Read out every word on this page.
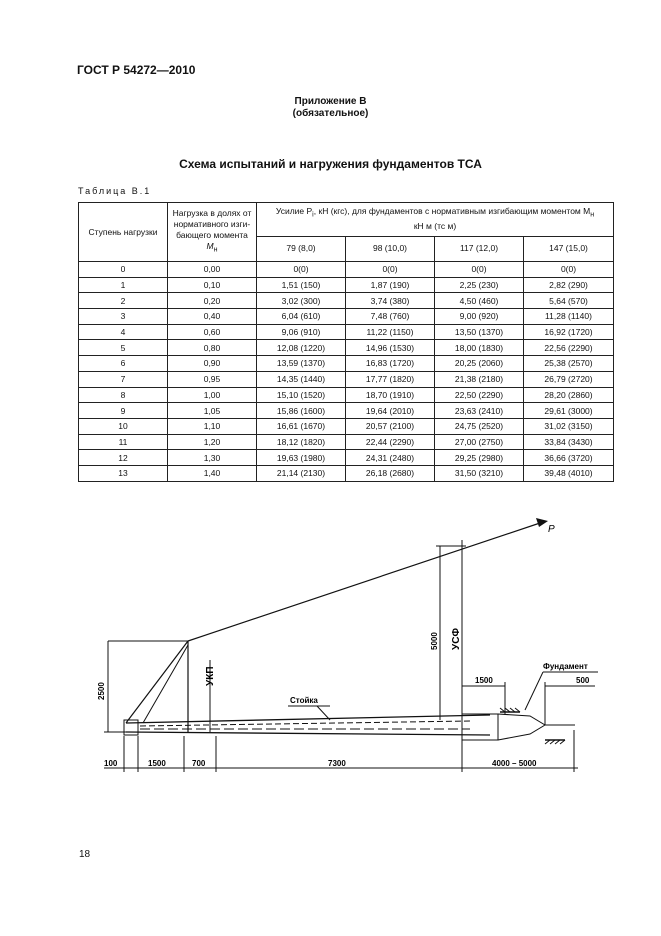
ГОСТ Р 54272—2010
Приложение В
(обязательное)
Схема испытаний и нагружения фундаментов ТСА
Таблица В.1
Ступень нагрузки	Нагрузка в долях от
нормативного изги-
бающего момента
$M_н$	Усилие $P_i$, кН (кгс), для фундаментов с нормативным изгибающим моментом $M_н$
кН м (тс м)			
		79 (8,0)	98 (10,0)	117 (12,0)	147 (15,0)
0	0,00	0(0)	0(0)	0(0)	0(0)
1	0,10	1,51 (150)	1,87 (190)	2,25 (230)	2,82 (290)
2	0,20	3,02 (300)	3,74 (380)	4,50 (460)	5,64 (570)
3	0,40	6,04 (610)	7,48 (760)	9,00 (920)	11,28 (1140)
4	0,60	9,06 (910)	11,22 (1150)	13,50 (1370)	16,92 (1720)
5	0,80	12,08 (1220)	14,96 (1530)	18,00 (1830)	22,56 (2290)
6	0,90	13,59 (1370)	16,83 (1720)	20,25 (2060)	25,38 (2570)
7	0,95	14,35 (1440)	17,77 (1820)	21,38 (2180)	26,79 (2720)
8	1,00	15,10 (1520)	18,70 (1910)	22,50 (2290)	28,20 (2860)
9	1,05	15,86 (1600)	19,64 (2010)	23,63 (2410)	29,61 (3000)
10	1,10	16,61 (1670)	20,57 (2100)	24,75 (2520)	31,02 (3150)
11	1,20	18,12 (1820)	22,44 (2290)	27,00 (2750)	33,84 (3430)
12	1,30	19,63 (1980)	24,31 (2480)	29,25 (2980)	36,66 (3720)
13	1,40	21,14 (2130)	26,18 (2680)	31,50 (3210)	39,48 (4010)
P
УКП
УСФ
5000
2500
Фундамент
Стойка
1500	500
100	1500	700	7300	4000 – 5000
18
